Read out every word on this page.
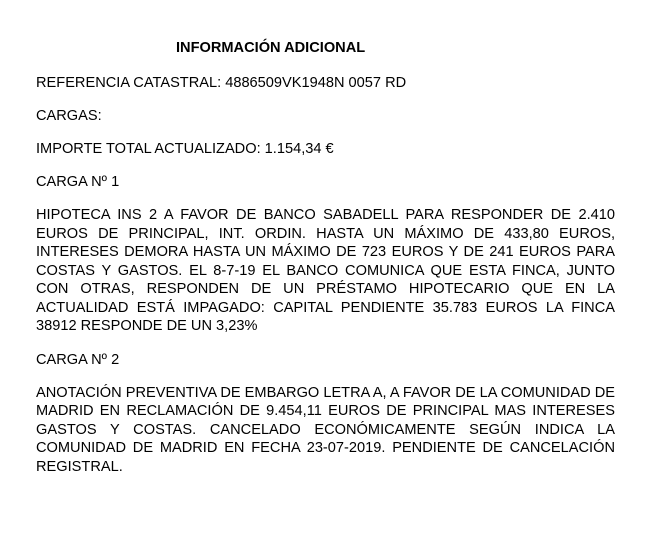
INFORMACIÓN ADICIONAL
REFERENCIA CATASTRAL: 4886509VK1948N 0057 RD
CARGAS:
IMPORTE TOTAL ACTUALIZADO: 1.154,34 €
CARGA Nº 1
HIPOTECA INS 2 A FAVOR DE BANCO SABADELL PARA RESPONDER DE 2.410 EUROS DE PRINCIPAL, INT. ORDIN. HASTA UN MÁXIMO DE 433,80 EUROS, INTERESES DEMORA HASTA UN MÁXIMO DE 723 EUROS Y DE 241 EUROS PARA COSTAS Y GASTOS. EL 8-7-19 EL BANCO COMUNICA QUE ESTA FINCA, JUNTO CON OTRAS, RESPONDEN DE UN PRÉSTAMO HIPOTECARIO QUE EN LA ACTUALIDAD ESTÁ IMPAGADO: CAPITAL PENDIENTE 35.783 EUROS LA FINCA 38912 RESPONDE DE UN 3,23%
CARGA Nº 2
ANOTACIÓN PREVENTIVA DE EMBARGO LETRA A, A FAVOR DE LA COMUNIDAD DE MADRID EN RECLAMACIÓN DE 9.454,11 EUROS DE PRINCIPAL MAS INTERESES GASTOS Y COSTAS. CANCELADO ECONÓMICAMENTE SEGÚN INDICA LA COMUNIDAD DE MADRID EN FECHA 23-07-2019. PENDIENTE DE CANCELACIÓN REGISTRAL.
